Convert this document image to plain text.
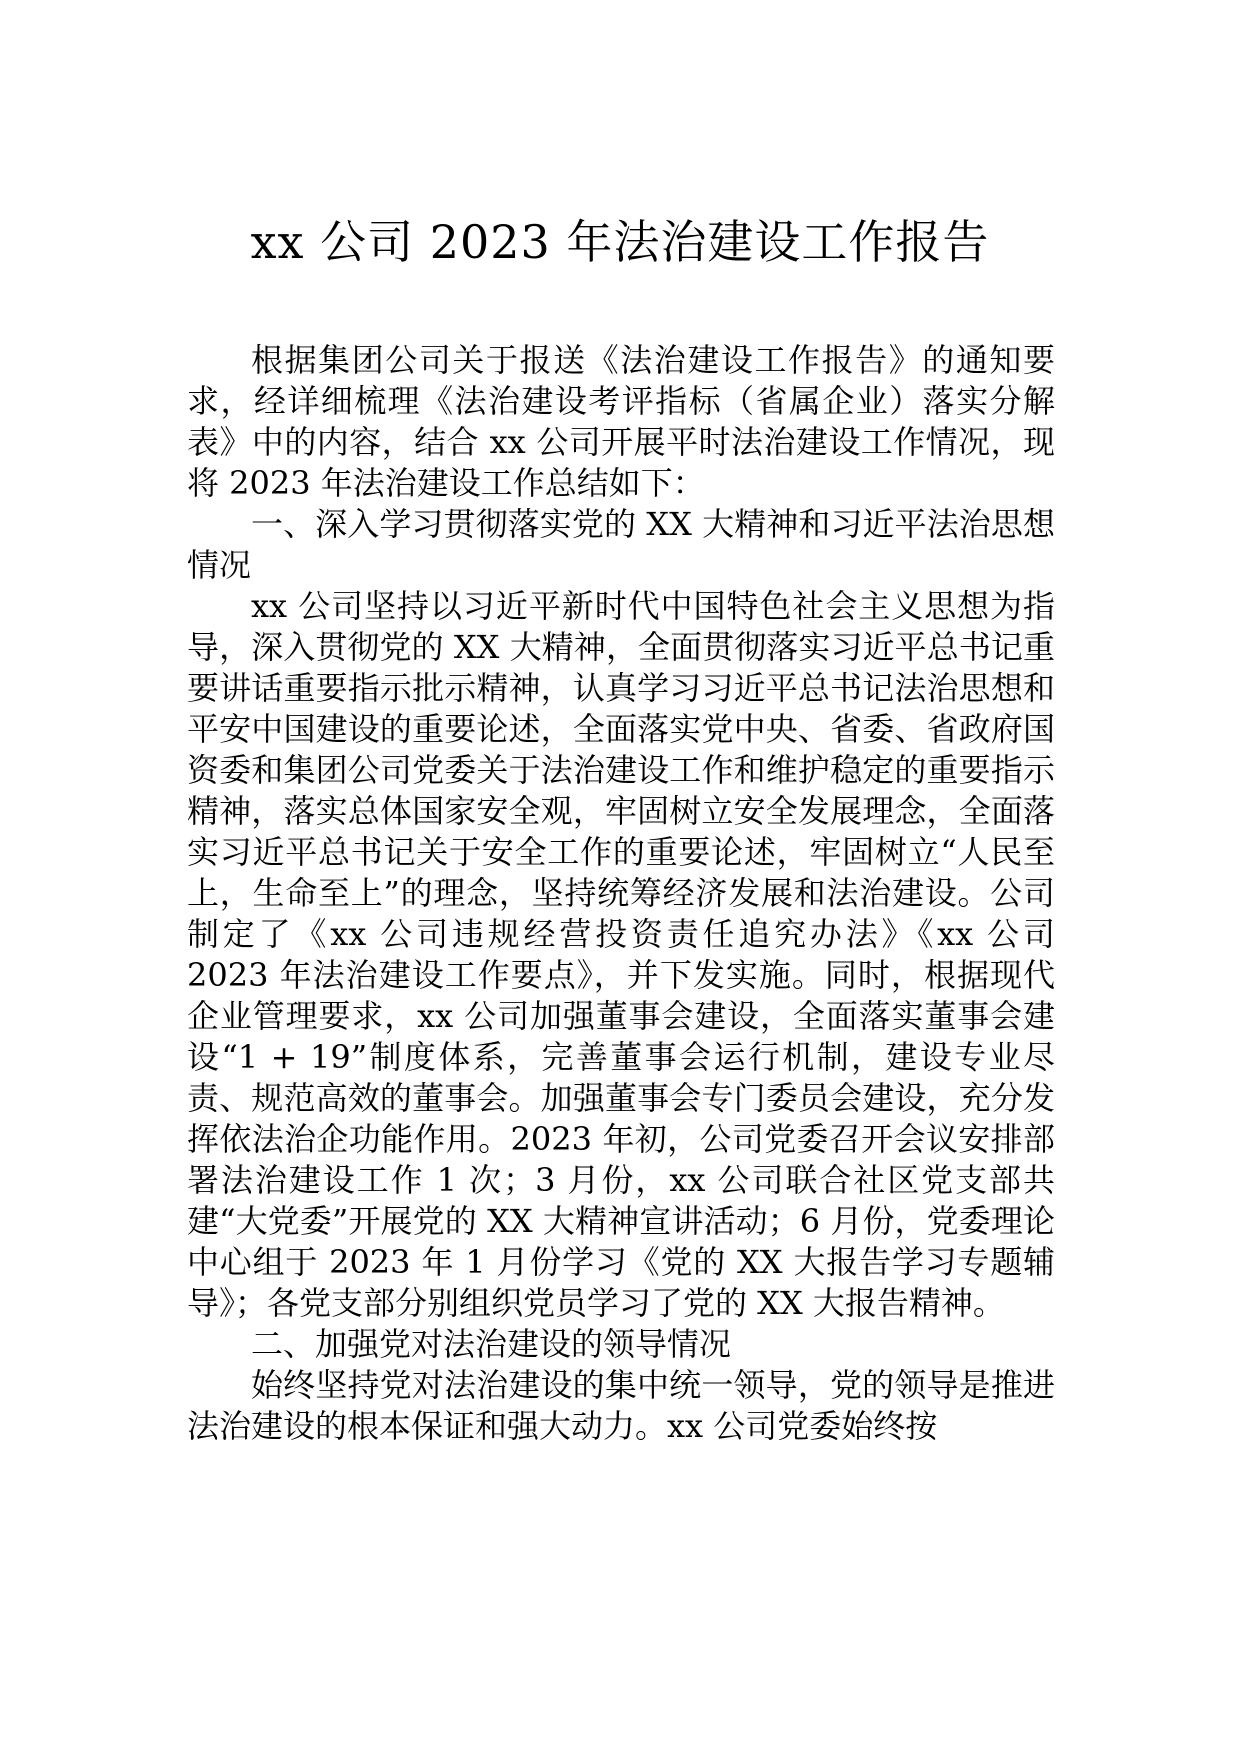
xx 公司 2023 年法治建设工作报告

根据集团公司关于报送《法治建设工作报告》的通知要求，经详细梳理《法治建设考评指标（省属企业）落实分解表》中的内容，结合 xx 公司开展平时法治建设工作情况，现将 2023 年法治建设工作总结如下：

一、深入学习贯彻落实党的 XX 大精神和习近平法治思想情况

xx 公司坚持以习近平新时代中国特色社会主义思想为指导，深入贯彻党的 XX 大精神，全面贯彻落实习近平总书记重要讲话重要指示批示精神，认真学习习近平总书记法治思想和平安中国建设的重要论述，全面落实党中央、省委、省政府国资委和集团公司党委关于法治建设工作和维护稳定的重要指示精神，落实总体国家安全观，牢固树立安全发展理念，全面落实习近平总书记关于安全工作的重要论述，牢固树立“人民至上，生命至上”的理念，坚持统筹经济发展和法治建设。公司制定了《xx 公司违规经营投资责任追究办法》《xx 公司 2023 年法治建设工作要点》，并下发实施。同时，根据现代企业管理要求，xx 公司加强董事会建设，全面落实董事会建设“1 + 19”制度体系，完善董事会运行机制，建设专业尽责、规范高效的董事会。加强董事会专门委员会建设，充分发挥依法治企功能作用。2023 年初，公司党委召开会议安排部署法治建设工作 1 次；3 月份，xx 公司联合社区党支部共建“大党委”开展党的 XX 大精神宣讲活动；6 月份，党委理论中心组于 2023 年 1 月份学习《党的 XX 大报告学习专题辅导》；各党支部分别组织党员学习了党的 XX 大报告精神。

二、加强党对法治建设的领导情况

始终坚持党对法治建设的集中统一领导，党的领导是推进法治建设的根本保证和强大动力。xx 公司党委始终按
